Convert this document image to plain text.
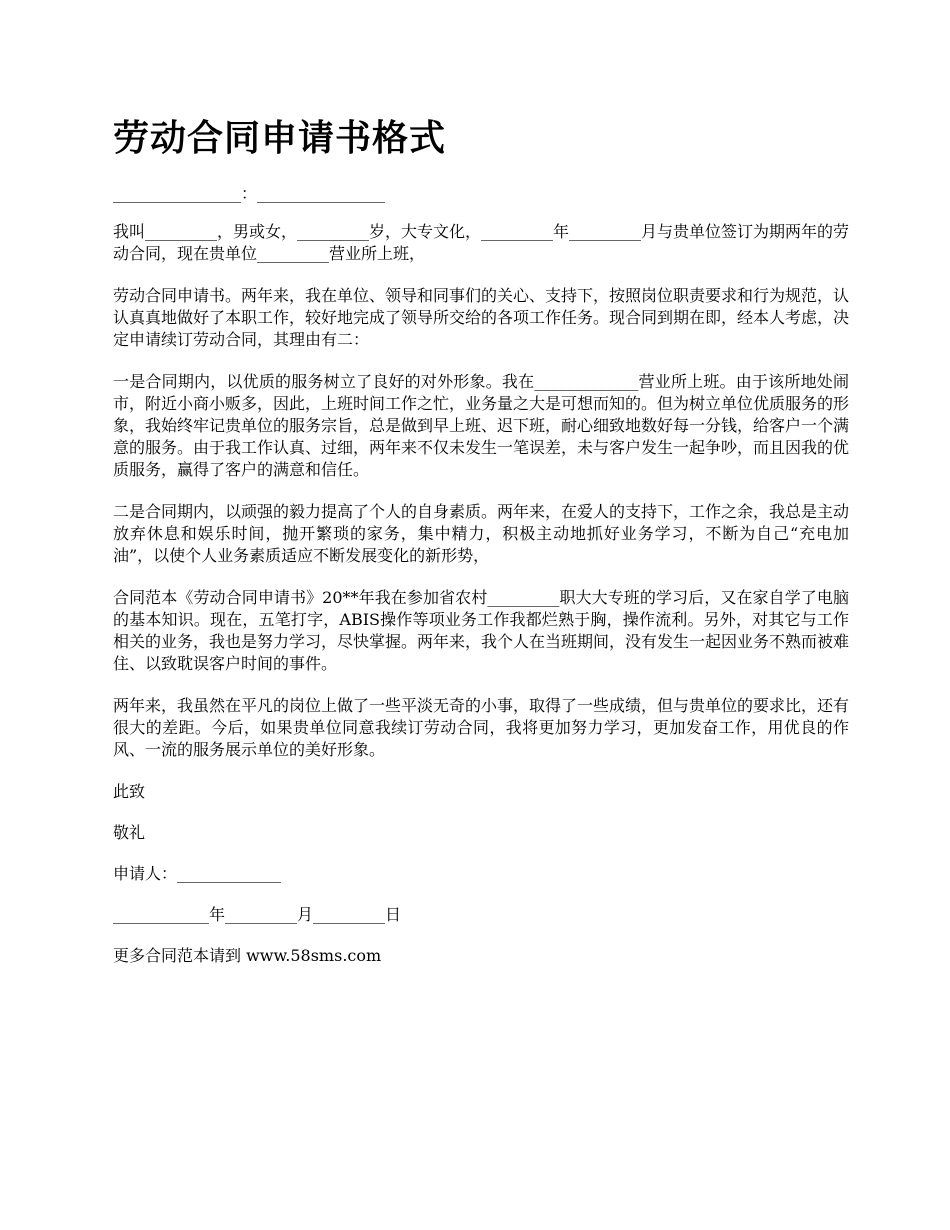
劳动合同申请书格式
________________：________________

我叫_________，男或女，_________岁，大专文化，_________年_________月与贵单位签订为期两年的劳动合同，现在贵单位_________营业所上班，

劳动合同申请书。两年来，我在单位、领导和同事们的关心、支持下，按照岗位职责要求和行为规范，认认真真地做好了本职工作，较好地完成了领导所交给的各项工作任务。现合同到期在即，经本人考虑，决定申请续订劳动合同，其理由有二：

一是合同期内，以优质的服务树立了良好的对外形象。我在_____________营业所上班。由于该所地处闹市，附近小商小贩多，因此，上班时间工作之忙，业务量之大是可想而知的。但为树立单位优质服务的形象，我始终牢记贵单位的服务宗旨，总是做到早上班、迟下班，耐心细致地数好每一分钱，给客户一个满意的服务。由于我工作认真、过细，两年来不仅未发生一笔误差，未与客户发生一起争吵，而且因我的优质服务，赢得了客户的满意和信任。

二是合同期内，以顽强的毅力提高了个人的自身素质。两年来，在爱人的支持下，工作之余，我总是主动放弃休息和娱乐时间，抛开繁琐的家务，集中精力，积极主动地抓好业务学习，不断为自己“充电加油”，以使个人业务素质适应不断发展变化的新形势，

合同范本《劳动合同申请书》20**年我在参加省农村_________职大大专班的学习后，又在家自学了电脑的基本知识。现在，五笔打字，ABIS操作等项业务工作我都烂熟于胸，操作流利。另外，对其它与工作相关的业务，我也是努力学习，尽快掌握。两年来，我个人在当班期间，没有发生一起因业务不熟而被难住、以致耽误客户时间的事件。

两年来，我虽然在平凡的岗位上做了一些平淡无奇的小事，取得了一些成绩，但与贵单位的要求比，还有很大的差距。今后，如果贵单位同意我续订劳动合同，我将更加努力学习，更加发奋工作，用优良的作风、一流的服务展示单位的美好形象。

此致

敬礼

申请人：_____________

____________年_________月_________日

更多合同范本请到 www.58sms.com
